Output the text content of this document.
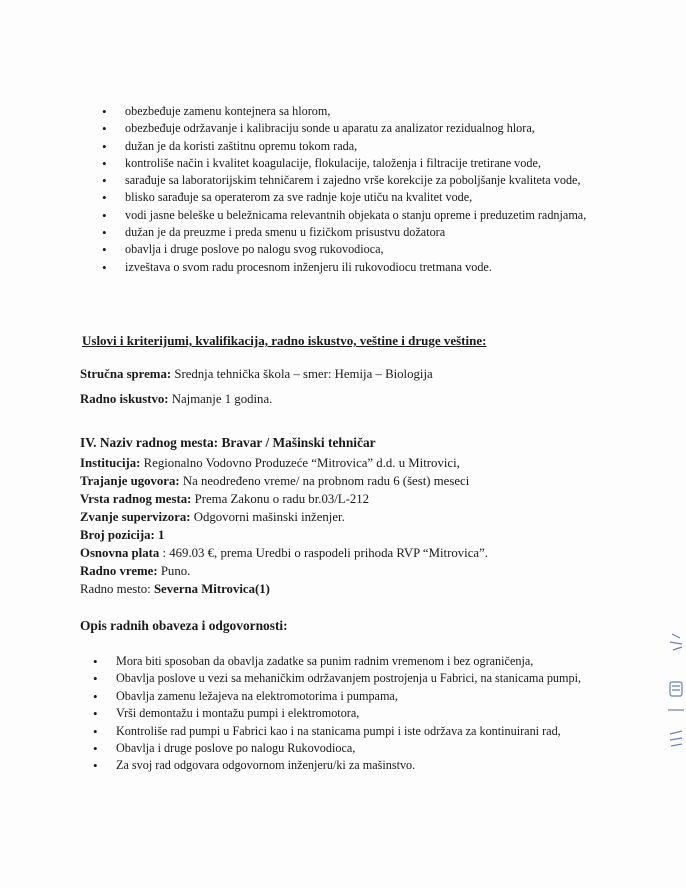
• obezbeđuje zamenu kontejnera sa hlorom,
• obezbeđuje održavanje i kalibraciju sonde u aparatu za analizator rezidualnog hlora,
• dužan je da koristi zaštitnu opremu tokom rada,
• kontroliše način i kvalitet koagulacije, flokulacije, taloženja i filtracije tretirane vode,
• sarađuje sa laboratorijskim tehničarem i zajedno vrše korekcije za poboljšanje kvaliteta vode,
• blisko sarađuje sa operaterom za sve radnje koje utiču na kvalitet vode,
• vodi jasne beleške u beležnicama relevantnih objekata o stanju opreme i preduzetim radnjama,
• dužan je da preuzme i preda smenu u fizičkom prisustvu dožatora
• obavlja i druge poslove po nalogu svog rukovodioca,
• izveštava o svom radu procesnom inženjeru ili rukovodiocu tretmana vode.
Uslovi i kriterijumi, kvalifikacija, radno iskustvo, veštine i druge veštine:
Stručna sprema: Srednja tehnička škola – smer: Hemija – Biologija
Radno iskustvo: Najmanje 1 godina.
IV. Naziv radnog mesta: Bravar / Mašinski tehničar
Institucija: Regionalno Vodovno Produzeće “Mitrovica” d.d. u Mitrovici,
Trajanje ugovora: Na neodređeno vreme/ na probnom radu 6 (šest) meseci
Vrsta radnog mesta: Prema Zakonu o radu br.03/L-212
Zvanje supervizora: Odgovorni mašinski inženjer.
Broj pozicija: 1
Osnovna plata : 469.03 €, prema Uredbi o raspodeli prihoda RVP “Mitrovica”.
Radno vreme: Puno.
Radno mesto: Severna Mitrovica(1)
Opis radnih obaveza i odgovornosti:
• Mora biti sposoban da obavlja zadatke sa punim radnim vremenom i bez ograničenja,
• Obavlja poslove u vezi sa mehaničkim održavanjem postrojenja u Fabrici, na stanicama pumpi,
• Obavlja zamenu ležajeva na elektromotorima i pumpama,
• Vrši demontažu i montažu pumpi i elektromotora,
• Kontroliše rad pumpi u Fabrici kao i na stanicama pumpi i iste održava za kontinuirani rad,
• Obavlja i druge poslove po nalogu Rukovodioca,
• Za svoj rad odgovara odgovornom inženjeru/ki za mašinstvo.
